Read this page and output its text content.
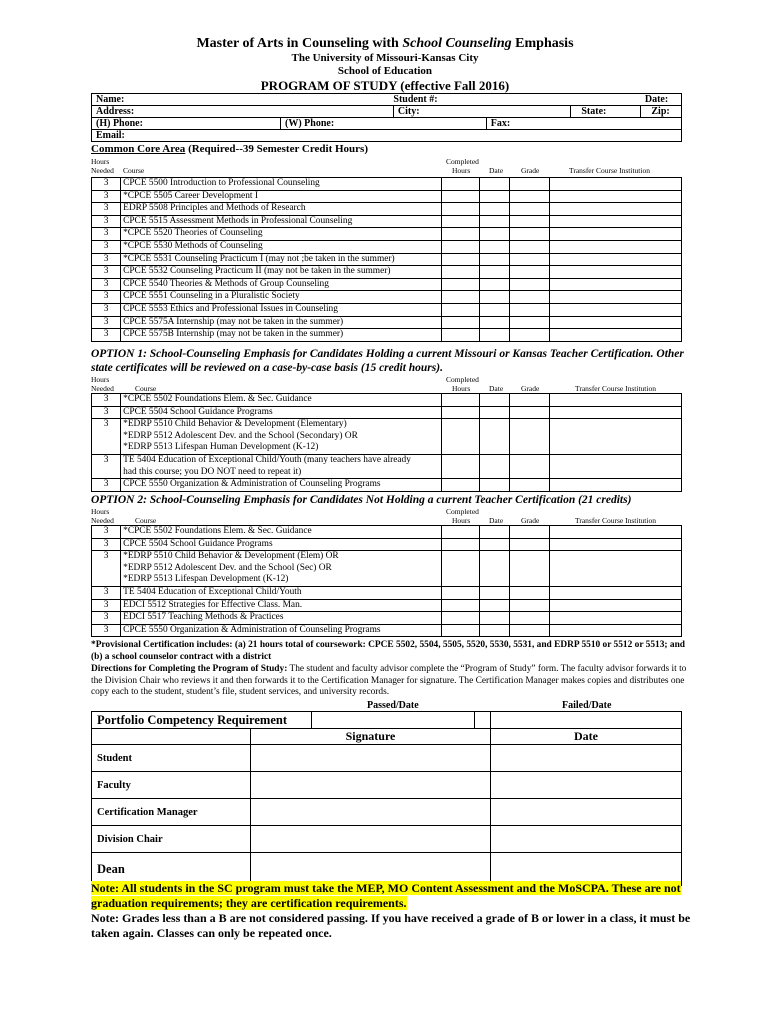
Master of Arts in Counseling with School Counseling Emphasis
The University of Missouri-Kansas City
School of Education
PROGRAM OF STUDY (effective Fall 2016)
Name:		Student #:		Date:	
Address:		City:		State:	Zip:
(H) Phone:	(W) Phone:		Fax:		
Email:					
Common Core Area (Required--39 Semester Credit Hours)
Hours
Needed Course
Completed
Hours Date Grade	Transfer Course Institution
3	CPCE 5500 Introduction to Professional Counseling				
3	*CPCE 5505 Career Development I				
3	EDRP 5508 Principles and Methods of Research				
3	CPCE 5515 Assessment Methods in Professional Counseling				
3	*CPCE 5520 Theories of Counseling				
3	*CPCE 5530 Methods of Counseling				
3	*CPCE 5531 Counseling Practicum I (may not ;be taken in the summer)				
3	CPCE 5532 Counseling Practicum II (may not be taken in the summer)				
3	CPCE 5540 Theories & Methods of Group Counseling				
3	CPCE 5551 Counseling in a Pluralistic Society				
3	CPCE 5553 Ethics and Professional Issues in Counseling				
3	CPCE 5575A Internship (may not be taken in the summer)				
3	CPCE 5575B Internship (may not be taken in the summer)				
OPTION 1: School-Counseling Emphasis for Candidates Holding a current Missouri or Kansas Teacher Certification. Other state certificates will be reviewed on a case-by-case basis (15 credit hours).
Hours
Needed	Course
Completed
Hours Date Grade	Transfer Course Institution
3	*CPCE 5502 Foundations Elem. & Sec. Guidance				
3	CPCE 5504 School Guidance Programs				
3	*EDRP 5510 Child Behavior & Development (Elementary)
*EDRP 5512 Adolescent Dev. and the School (Secondary) OR
*EDRP 5513 Lifespan Human Development (K-12)				
3	TE 5404 Education of Exceptional Child/Youth (many teachers have already
had this course; you DO NOT need to repeat it)				
3	CPCE 5550 Organization & Administration of Counseling Programs				
OPTION 2: School-Counseling Emphasis for Candidates Not Holding a current Teacher Certification (21 credits)
Hours
Needed	Course
Completed
Hours Date Grade	Transfer Course Institution
3	*CPCE 5502 Foundations Elem. & Sec. Guidance				
3	CPCE 5504 School Guidance Programs				
3	*EDRP 5510 Child Behavior & Development (Elem) OR
*EDRP 5512 Adolescent Dev. and the School (Sec) OR
*EDRP 5513 Lifespan Development (K-12)				
3	TE 5404 Education of Exceptional Child/Youth				
3	EDCI 5512 Strategies for Effective Class. Man.				
3	EDCI 5517 Teaching Methods & Practices				
3	CPCE 5550 Organization & Administration of Counseling Programs				
*Provisional Certification includes: (a) 21 hours total of coursework: CPCE 5502, 5504, 5505, 5520, 5530, 5531, and EDRP 5510 or 5512 or 5513; and (b) a school counselor contract with a district
Directions for Completing the Program of Study: The student and faculty advisor complete the “Program of Study” form. The faculty advisor forwards it to the Division Chair who reviews it and then forwards it to the Certification Manager for signature. The Certification Manager makes copies and distributes one copy each to the student, student’s file, student services, and university records.
Passed/Date	Failed/Date
Portfolio Competency Requirement				
	Signature			Date
Student				
Faculty				
Certification Manager				
Division Chair				
Dean				
Note: All students in the SC program must take the MEP, MO Content Assessment and the MoSCPA. These are not graduation requirements; they are certification requirements.
Note: Grades less than a B are not considered passing. If you have received a grade of B or lower in a class, it must be taken again. Classes can only be repeated once.
